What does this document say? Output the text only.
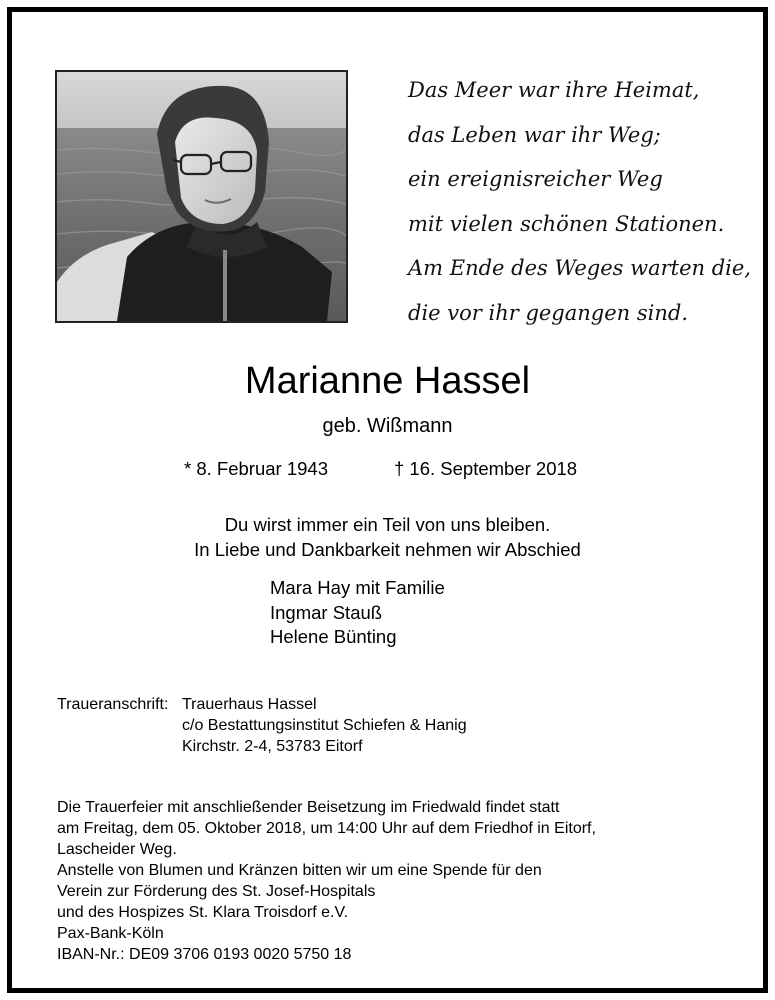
Das Meer war ihre Heimat,
das Leben war ihr Weg;
ein ereignisreicher Weg
mit vielen schönen Stationen.
Am Ende des Weges warten die,
die vor ihr gegangen sind.
Marianne Hassel
geb. Wißmann
* 8. Februar 1943	† 16. September 2018
Du wirst immer ein Teil von uns bleiben.
In Liebe und Dankbarkeit nehmen wir Abschied
Mara Hay mit Familie
Ingmar Stauß
Helene Bünting
Traueranschrift: Trauerhaus Hassel
c/o Bestattungsinstitut Schiefen & Hanig
Kirchstr. 2-4, 53783 Eitorf
Die Trauerfeier mit anschließender Beisetzung im Friedwald findet statt
am Freitag, dem 05. Oktober 2018, um 14:00 Uhr auf dem Friedhof in Eitorf,
Lascheider Weg.
Anstelle von Blumen und Kränzen bitten wir um eine Spende für den
Verein zur Förderung des St. Josef-Hospitals
und des Hospizes St. Klara Troisdorf e.V.
Pax-Bank-Köln
IBAN-Nr.: DE09 3706 0193 0020 5750 18
